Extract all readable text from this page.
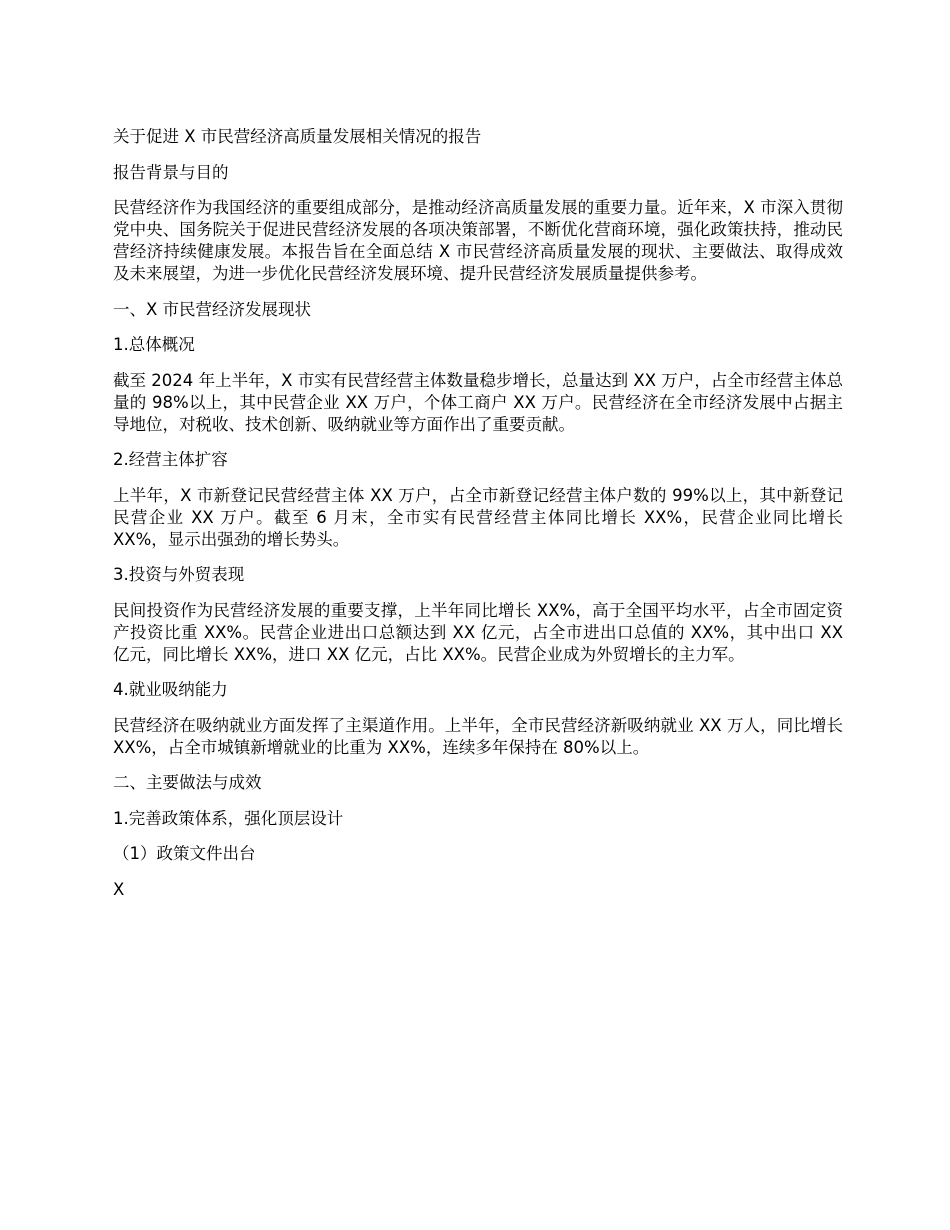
关于促进 X 市民营经济高质量发展相关情况的报告
报告背景与目的
民营经济作为我国经济的重要组成部分，是推动经济高质量发展的重要力量。近年来，X 市深入贯彻党中央、国务院关于促进民营经济发展的各项决策部署，不断优化营商环境，强化政策扶持，推动民营经济持续健康发展。本报告旨在全面总结 X 市民营经济高质量发展的现状、主要做法、取得成效及未来展望，为进一步优化民营经济发展环境、提升民营经济发展质量提供参考。
一、X 市民营经济发展现状
1.总体概况
截至 2024 年上半年，X 市实有民营经营主体数量稳步增长，总量达到 XX 万户，占全市经营主体总量的 98%以上，其中民营企业 XX 万户，个体工商户 XX 万户。民营经济在全市经济发展中占据主导地位，对税收、技术创新、吸纳就业等方面作出了重要贡献。
2.经营主体扩容
上半年，X 市新登记民营经营主体 XX 万户，占全市新登记经营主体户数的 99%以上，其中新登记民营企业 XX 万户。截至 6 月末，全市实有民营经营主体同比增长 XX%，民营企业同比增长 XX%，显示出强劲的增长势头。
3.投资与外贸表现
民间投资作为民营经济发展的重要支撑，上半年同比增长 XX%，高于全国平均水平，占全市固定资产投资比重 XX%。民营企业进出口总额达到 XX 亿元，占全市进出口总值的 XX%，其中出口 XX 亿元，同比增长 XX%，进口 XX 亿元，占比 XX%。民营企业成为外贸增长的主力军。
4.就业吸纳能力
民营经济在吸纳就业方面发挥了主渠道作用。上半年，全市民营经济新吸纳就业 XX 万人，同比增长 XX%，占全市城镇新增就业的比重为 XX%，连续多年保持在 80%以上。
二、主要做法与成效
1.完善政策体系，强化顶层设计
（1）政策文件出台
X
